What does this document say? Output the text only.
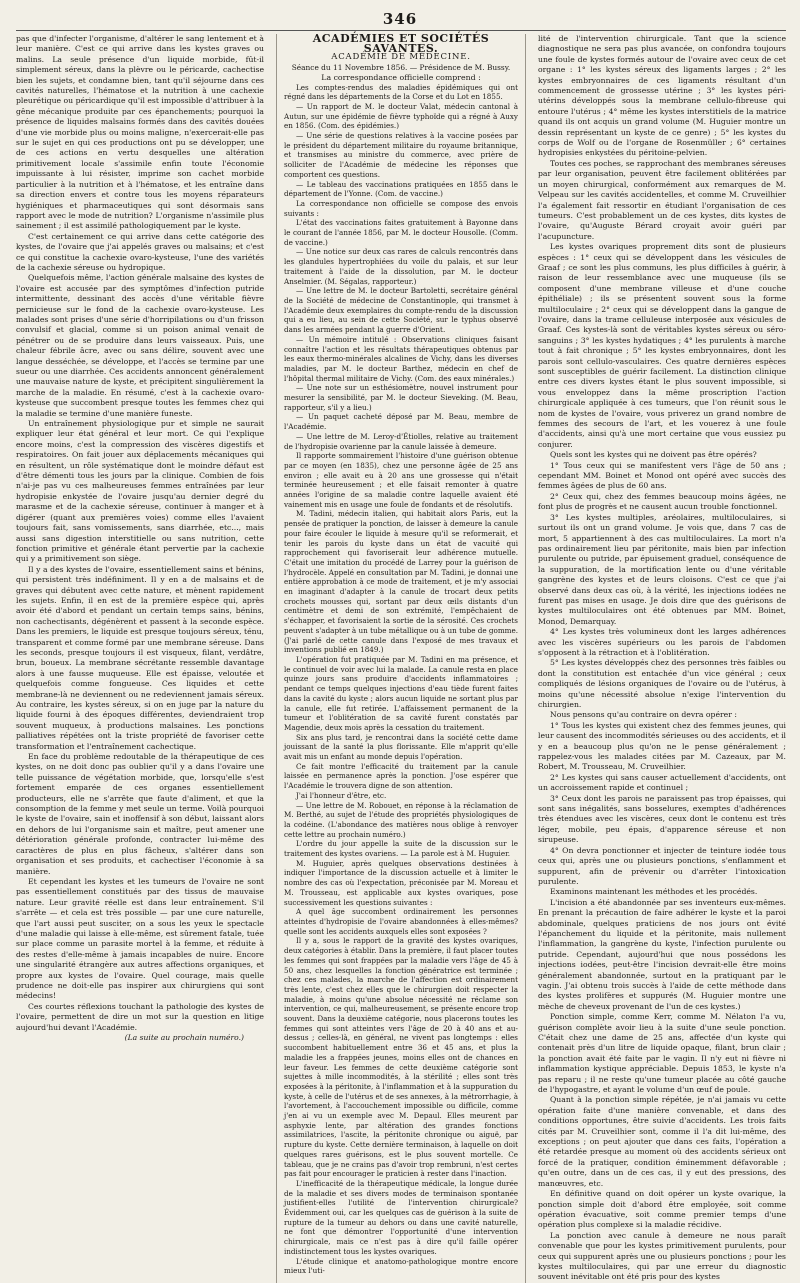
346

pas que d'infecter l'organisme, d'altérer le sang lentement et à leur manière. C'est ce qui arrive dans les kystes graves ou malins. La seule présence d'un liquide morbide, fût-il simplement séreux, dans la plèvre ou le péricarde, cachectise bien les sujets, et condamne bien, tant qu'il séjourne dans ces cavités naturelles, l'hématose et la nutrition à une cachexie pleurétique ou péricardique qu'il est impossible d'attribuer à la gêne mécanique produite par ces épanchements; pourquoi la présence de liquides malsains formés dans des cavités douées d'une vie morbide plus ou moins maligne, n'exercerait-elle pas sur le sujet en qui ces productions ont pu se développer, une de ces actions en vertu desquelles une altération primitivement locale s'assimile enfin toute l'économie impuissante à lui résister, imprime son cachet morbide particulier à la nutrition et à l'hématose, et les entraîne dans sa direction envers et contre tous les moyens réparateurs hygiéniques et pharmaceutiques qui sont désormais sans rapport avec le mode de nutrition? L'organisme n'assimile plus sainement ; il est assimilé pathologiquement par le kyste.

C'est certainement ce qui arrive dans cette catégorie des kystes, de l'ovaire que j'ai appelés graves ou malsains; et c'est ce qui constitue la cachexie ovaro-kysteuse, l'une des variétés de la cachexie séreuse ou hydropique.

Quelquefois même, l'action générale malsaine des kystes de l'ovaire est accusée par des symptômes d'infection putride intermittente, dessinant des accès d'une véritable fièvre pernicieuse sur le fond de la cachexie ovaro-kysteuse. Les malades sont prises d'une série d'horripilations ou d'un frisson convulsif et glacial, comme si un poison animal venait de pénétrer ou de se produire dans leurs vaisseaux. Puis, une chaleur fébrile âcre, avec ou sans délire, souvent avec une langue desséchée, se développe, et l'accès se termine par une sueur ou une diarrhée. Ces accidents annoncent généralement une mauvaise nature de kyste, et précipitent singulièrement la marche de la maladie. En résumé, c'est à la cachexie ovaro-kysteuse que succombent presque toutes les femmes chez qui la maladie se termine d'une manière funeste.

Un entraînement physiologique pur et simple ne saurait expliquer leur état général et leur mort. Ce qui l'explique encore moins, c'est la compression des viscères digestifs et respiratoires. On fait jouer aux déplacements mécaniques qui en résultent, un rôle systématique dont le moindre défaut est d'être démenti tous les jours par la clinique. Combien de fois n'ai-je pas vu ces malheureuses femmes entraînées par leur hydropisie enkystée de l'ovaire jusqu'au dernier degré du marasme et de la cachexie séreuse, continuer à manger et à digérer (quant aux premières voies) comme elles l'avaient toujours fait, sans vomissements, sans diarrhée, etc..., mais aussi sans digestion interstitielle ou sans nutrition, cette fonction primitive et générale étant pervertie par la cachexie qui y a primitivement son siège.

Il y a des kystes de l'ovaire, essentiellement sains et bénins, qui persistent très indéfiniment. Il y en a de malsains et de graves qui débutent avec cette nature, et mènent rapidement les sujets. Enfin, il en est de la première espèce qui, après avoir été d'abord et pendant un certain temps sains, bénins, non cachectisants, dégénèrent et passent à la seconde espèce. Dans les premiers, le liquide est presque toujours séreux, ténu, transparent et comme formé par une membrane séreuse. Dans les seconds, presque toujours il est visqueux, filant, verdâtre, brun, boueux. La membrane sécrétante ressemble davantage alors à une fausse muqueuse. Elle est épaisse, veloutée et quelquefois comme fongueuse. Ces liquides et cette membrane-là ne deviennent ou ne redeviennent jamais séreux. Au contraire, les kystes séreux, si on en juge par la nature du liquide fourni à des époques différentes, deviendraient trop souvent muqueux, à productions malsaines. Les ponctions palliatives répétées ont la triste propriété de favoriser cette transformation et l'entraînement cachectique.

En face du problème redoutable de la thérapeutique de ces kystes, on ne doit donc pas oublier qu'il y a dans l'ovaire une telle puissance de végétation morbide, que, lorsqu'elle s'est fortement emparée de ces organes essentiellement producteurs, elle ne s'arrête que faute d'aliment, et que la consomption de la femme y met seule un terme. Voilà pourquoi le kyste de l'ovaire, sain et inoffensif à son début, laissant alors en dehors de lui l'organisme sain et maître, peut amener une détérioration générale profonde, contracter lui-même des caractères de plus en plus fâcheux, s'altérer dans son organisation et ses produits, et cachectiser l'économie à sa manière.

Et cependant les kystes et les tumeurs de l'ovaire ne sont pas essentiellement constitués par des tissus de mauvaise nature. Leur gravité réelle est dans leur entraînement. S'il s'arrête — et cela est très possible — par une cure naturelle, que l'art aussi peut susciter, on a sous les yeux le spectacle d'une maladie qui laisse à elle-même, est sûrement fatale, tuée sur place comme un parasite mortel à la femme, et réduite à des restes d'elle-même à jamais incapables de nuire. Encore une singularité étrangère aux autres affections organiques, et propre aux kystes de l'ovaire. Quel courage, mais quelle prudence ne doit-elle pas inspirer aux chirurgiens qui sont médecins!

Ces courtes réflexions touchant la pathologie des kystes de l'ovaire, permettent de dire un mot sur la question en litige aujourd'hui devant l'Académie.

(La suite au prochain numéro.)

ACADÉMIES ET SOCIÉTÉS SAVANTES.

ACADÉMIE DE MÉDECINE.

Séance du 11 Novembre 1856. — Présidence de M. Bussy.

La correspondance officielle comprend :

Les comptes-rendus des maladies épidémiques qui ont régné dans les départements de la Corse et du Lot en 1855.

— Un rapport de M. le docteur Valat, médecin cantonal à Autun, sur une épidémie de fièvre typhoïde qui a régné à Auxy en 1856. (Com. des épidémies.)

— Une série de questions relatives à la vaccine posées par le président du département militaire du royaume britannique, et transmises au ministre du commerce, avec prière de solliciter de l'Académie de médecine les réponses que comportent ces questions.

— Le tableau des vaccinations pratiquées en 1855 dans le département de l'Yonne. (Com. de vaccine.)

La correspondance non officielle se compose des envois suivants :

L'état des vaccinations faites gratuitement à Bayonne dans le courant de l'année 1856, par M. le docteur Housolle. (Comm. de vaccine.)

— Une notice sur deux cas rares de calculs rencontrés dans les glandules hypertrophiées du voile du palais, et sur leur traitement à l'aide de la dissolution, par M. le docteur Anselmier. (M. Ségalas, rapporteur.)

— Une lettre de M. le docteur Bartoletti, secrétaire général de la Société de médecine de Constantinople, qui transmet à l'Académie deux exemplaires du compte-rendu de la discussion qui a eu lieu, au sein de cette Société, sur le typhus observé dans les armées pendant la guerre d'Orient.

— Un mémoire intitulé : Observations cliniques faisant connaître l'action et les résultats thérapeutiques obtenus par les eaux thermo-minérales alcalines de Vichy, dans les diverses maladies, par M. le docteur Barthez, médecin en chef de l'hôpital thermal militaire de Vichy. (Com. des eaux minérales.)

— Une note sur un esthésiomètre, nouvel instrument pour mesurer la sensibilité, par M. le docteur Sieveking. (M. Beau, rapporteur, s'il y a lieu.)

— Un paquet cacheté déposé par M. Beau, membre de l'Académie.

— Une lettre de M. Leroy-d'Étiolles, relative au traitement de l'hydropisie ovarienne par la canule laissée à demeure.

Il rapporte sommairement l'histoire d'une guérison obtenue par ce moyen (en 1835), chez une personne âgée de 25 ans environ ; elle avait eu à 20 ans une grossesse qui n'était terminée heureusement ; et elle faisait remonter à quatre années l'origine de sa maladie contre laquelle avaient été vainement mis en usage une foule de fondants et de résolutifs.

M. Tadini, médecin italien, qui habitait alors Paris, eut la pensée de pratiquer la ponction, de laisser à demeure la canule pour faire écouler le liquide à mesure qu'il se reformerait, et tenir les parois du kyste dans un état de vacuité qui rapprochement qui favoriserait leur adhérence mutuelle. C'était une imitation du procédé de Larrey pour la guérison de l'hydrocèle. Appelé en consultation par M. Tadini, je donnai une entière approbation à ce mode de traitement, et je m'y associai en imaginant d'adapter à la canule de trocart deux petits crochets mousses qui, sortant par deux œils distants d'un centimètre et demi de son extrémité, l'empêchaient de s'échapper, et favorisaient la sortie de la sérosité. Ces crochets peuvent s'adapter à un tube métallique ou à un tube de gomme. (J'ai parlé de cette canule dans l'exposé de mes travaux et inventions publié en 1849.)

L'opération fut pratiquée par M. Tadini en ma présence, et le continuel de voir avec lui la malade. La canule resta en place quinze jours sans produire d'accidents inflammatoires ; pendant ce temps quelques injections d'eau tiède furent faites dans la cavité du kyste ; alors aucun liquide ne sortant plus par la canule, elle fut retirée. L'affaissement permanent de la tumeur et l'oblitération de sa cavité furent constatés par Magendie, deux mois après la cessation du traitement.

Six ans plus tard, je rencontrai dans la société cette dame jouissant de la santé la plus florissante. Elle m'apprit qu'elle avait mis un enfant au monde depuis l'opération.

Ce fait montre l'efficacité du traitement par la canule laissée en permanence après la ponction. J'ose espérer que l'Académie le trouvera digne de son attention.

J'ai l'honneur d'être, etc.

— Une lettre de M. Robouet, en réponse à la réclamation de M. Berthé, au sujet de l'étude des propriétés physiologiques de la codéine. (L'abondance des matières nous oblige à renvoyer cette lettre au prochain numéro.)

L'ordre du jour appelle la suite de la discussion sur le traitement des kystes ovariens. — La parole est à M. Huguier.

M. Huguier, après quelques observations destinées à indiquer l'importance de la discussion actuelle et à limiter le nombre des cas où l'expectation, préconisée par M. Moreau et M. Trousseau, est applicable aux kystes ovariques, pose successivement les questions suivantes :

A quel âge succombent ordinairement les personnes atteintes d'hydropisie de l'ovaire abandonnées à elles-mêmes? quelle sont les accidents auxquels elles sont exposées ?

Il y a, sous le rapport de la gravité des kystes ovariques, deux catégories à établir. Dans la première, il faut placer toutes les femmes qui sont frappées par la maladie vers l'âge de 45 à 50 ans, chez lesquelles la fonction génératrice est terminée ; chez ces malades, la marche de l'affection est ordinairement très lente, c'est chez elles que le chirurgien doit respecter la maladie, à moins qu'une absolue nécessité ne réclame son intervention, ce qui, malheureusement, se présente encore trop souvent. Dans la deuxième catégorie, nous placerons toutes les femmes qui sont atteintes vers l'âge de 20 à 40 ans et au-dessus ; celles-là, en général, ne vivent pas longtemps : elles succombent habituellement entre 36 et 45 ans, et plus la maladie les a frappées jeunes, moins elles ont de chances en leur faveur. Les femmes de cette deuxième catégorie sont sujettes à mille incommodités, à la stérilité ; elles sont très exposées à la péritonite, à l'inflammation et à la suppuration du kyste, à celle de l'utérus et de ses annexes, à la métrorrhagie, à l'avortement, à l'accouchement impossible ou difficile, comme j'en ai vu un exemple avec M. Depaul. Elles meurent par asphyxie lente, par altération des grandes fonctions assimilatrices, l'ascite, la péritonite chronique ou aiguë, par rupture du kyste. Cette dernière terminaison, à laquelle on doit quelques rares guérisons, est le plus souvent mortelle. Ce tableau, que je ne crains pas d'avoir trop rembruni, n'est certes pas fait pour encourager le praticien à rester dans l'inaction.

L'inefficacité de la thérapeutique médicale, la longue durée de la maladie et ses divers modes de terminaison spontanée justifient-elles l'utilité de l'intervention chirurgicale? Évidemment oui, car les quelques cas de guérison à la suite de rupture de la tumeur au dehors ou dans une cavité naturelle, ne font que démontrer l'opportunité d'une intervention chirurgicale, mais ce n'est pas à dire qu'il faille opérer indistinctement tous les kystes ovariques.

L'étude clinique et anatomo-pathologique montre encore mieux l'uti-

lité de l'intervention chirurgicale. Tant que la science diagnostique ne sera pas plus avancée, on confondra toujours une foule de kystes formés autour de l'ovaire avec ceux de cet organe : 1° les kystes séreux des ligaments larges ; 2° les kystes embryonnaires de ces ligaments résultant d'un commencement de grossesse utérine ; 3° les kystes péri-utérins développés sous la membrane cellulo-fibreuse qui entoure l'utérus ; 4° même les kystes interstitiels de la matrice quand ils ont acquis un grand volume (M. Huguier montre un dessin représentant un kyste de ce genre) ; 5° les kystes du corps de Wolf ou de l'organe de Rosenmüller ; 6° certaines hydropisies enkystées du péritoine-pelvien.

Toutes ces poches, se rapprochant des membranes séreuses par leur organisation, peuvent être facilement oblitérées par un moyen chirurgical, conformément aux remarques de M. Velpeau sur les cavités accidentelles, et comme M. Cruveilhier l'a également fait ressortir en étudiant l'organisation de ces tumeurs. C'est probablement un de ces kystes, dits kystes de l'ovaire, qu'Auguste Bérard croyait avoir guéri par l'acupuncture.

Les kystes ovariques proprement dits sont de plusieurs espèces : 1° ceux qui se développent dans les vésicules de Graaf ; ce sont les plus communs, les plus difficiles à guérir, à raison de leur ressemblance avec une muqueuse (ils se composent d'une membrane villeuse et d'une couche épithéliale) ; ils se présentent souvent sous la forme multiloculaire ; 2° ceux qui se développent dans la gangue de l'ovaire, dans la trame celluleuse interposée aux vésicules de Graaf. Ces kystes-là sont de véritables kystes séreux ou séro-sanguins ; 3° les kystes hydatiques ; 4° les purulents à marche tout à fait chronique ; 5° les kystes embryonnaires, dont les parois sont cellulo-vasculaires. Ces quatre dernières espèces sont susceptibles de guérir facilement. La distinction clinique entre ces divers kystes étant le plus souvent impossible, si vous enveloppez dans la même proscription l'action chirurgicale appliquée à ces tumeurs, que l'on réunit sous le nom de kystes de l'ovaire, vous priverez un grand nombre de femmes des secours de l'art, et les vouerez à une foule d'accidents, ainsi qu'à une mort certaine que vous eussiez pu conjurer.

Quels sont les kystes qui ne doivent pas être opérés?

1° Tous ceux qui se manifestent vers l'âge de 50 ans ; cependant MM. Boinet et Monod ont opéré avec succès des femmes âgées de plus de 60 ans.

2° Ceux qui, chez des femmes beaucoup moins âgées, ne font plus de progrès et ne causent aucun trouble fonctionnel.

3° Les kystes multiples, aréolaires, multiloculaires, si surtout ils ont un grand volume. Je vois que, dans 7 cas de mort, 5 appartiennent à des cas multiloculaires. La mort n'a pas ordinairement lieu par péritonite, mais bien par infection purulente ou putride, par épuisement graduel, conséquence de la suppuration, de la mortification lente ou d'une véritable gangrène des kystes et de leurs cloisons. C'est ce que j'ai observé dans deux cas où, à la vérité, les injections iodées ne furent pas mises en usage. Je dois dire que des guérisons de kystes multiloculaires ont été obtenues par MM. Boinet, Monod, Demarquay.

4° Les kystes très volumineux dont les larges adhérences avec les viscères supérieurs ou les parois de l'abdomen s'opposent à la rétraction et à l'oblitération.

5° Les kystes développés chez des personnes très faibles ou dont la constitution est entachée d'un vice général ; ceux compliqués de lésions organiques de l'ovaire ou de l'utérus, à moins qu'une nécessité absolue n'exige l'intervention du chirurgien.

Nous pensons qu'au contraire on devra opérer :

1° Tous les kystes qui existent chez des femmes jeunes, qui leur causent des incommodités sérieuses ou des accidents, et il y en a beaucoup plus qu'on ne le pense généralement ; rappelez-vous les malades citées par M. Cazeaux, par M. Robert, M. Trousseau, M. Cruveilhier.

2° Les kystes qui sans causer actuellement d'accidents, ont un accroissement rapide et continuel ;

3° Ceux dont les parois ne paraissent pas trop épaisses, qui sont sans inégalités, sans bosselures, exemptes d'adhérences très étendues avec les viscères, ceux dont le contenu est très léger, mobile, peu épais, d'apparence séreuse et non sirupeuse.

4° On devra ponctionner et injecter de teinture iodée tous ceux qui, après une ou plusieurs ponctions, s'enflamment et suppurent, afin de prévenir ou d'arrêter l'intoxication purulente.

Examinons maintenant les méthodes et les procédés.

L'incision a été abandonnée par ses inventeurs eux-mêmes. En prenant la précaution de faire adhérer le kyste et la paroi abdominale, quelques praticiens de nos jours ont évité l'épanchement du liquide et la péritonite, mais nullement l'inflammation, la gangrène du kyste, l'infection purulente ou putride. Cependant, aujourd'hui que nous possédons les injections iodées, peut-être l'incision devrait-elle être moins généralement abandonnée, surtout en la pratiquant par le vagin. J'ai obtenu trois succès à l'aide de cette méthode dans des kystes prolifères et suppurés (M. Huguier montre une mèche de cheveux provenant de l'un de ces kystes.)

Ponction simple, comme Kerr, comme M. Nélaton l'a vu, guérison complète avoir lieu à la suite d'une seule ponction. C'était chez une dame de 25 ans, affectée d'un kyste qui contenait près d'un litre de liquide opaque, filant, brun clair ; la ponction avait été faite par le vagin. Il n'y eut ni fièvre ni inflammation kystique appréciable. Depuis 1853, le kyste n'a pas reparu ; il ne reste qu'une tumeur placée au côté gauche de l'hypogastre, et ayant le volume d'un œuf de poule.

Quant à la ponction simple répétée, je n'ai jamais vu cette opération faite d'une manière convenable, et dans des conditions opportunes, être suivie d'accidents. Les trois faits cités par M. Cruveilhier sont, comme il l'a dit lui-même, des exceptions ; on peut ajouter que dans ces faits, l'opération a été retardée presque au moment où des accidents sérieux ont forcé de la pratiquer, condition éminemment défavorable ; qu'en outre, dans un de ces cas, il y eut des pressions, des manœuvres, etc.

En définitive quand on doit opérer un kyste ovarique, la ponction simple doit d'abord être employée, soit comme opération évacuative, soit comme premier temps d'une opération plus complexe si la maladie récidive.

La ponction avec canule à demeure ne nous paraît convenable que pour les kystes primitivement purulents, pour ceux qui suppurent après une ou plusieurs ponctions ; pour les kystes multiloculaires, qui par une erreur du diagnostic souvent inévitable ont été pris pour des kystes
